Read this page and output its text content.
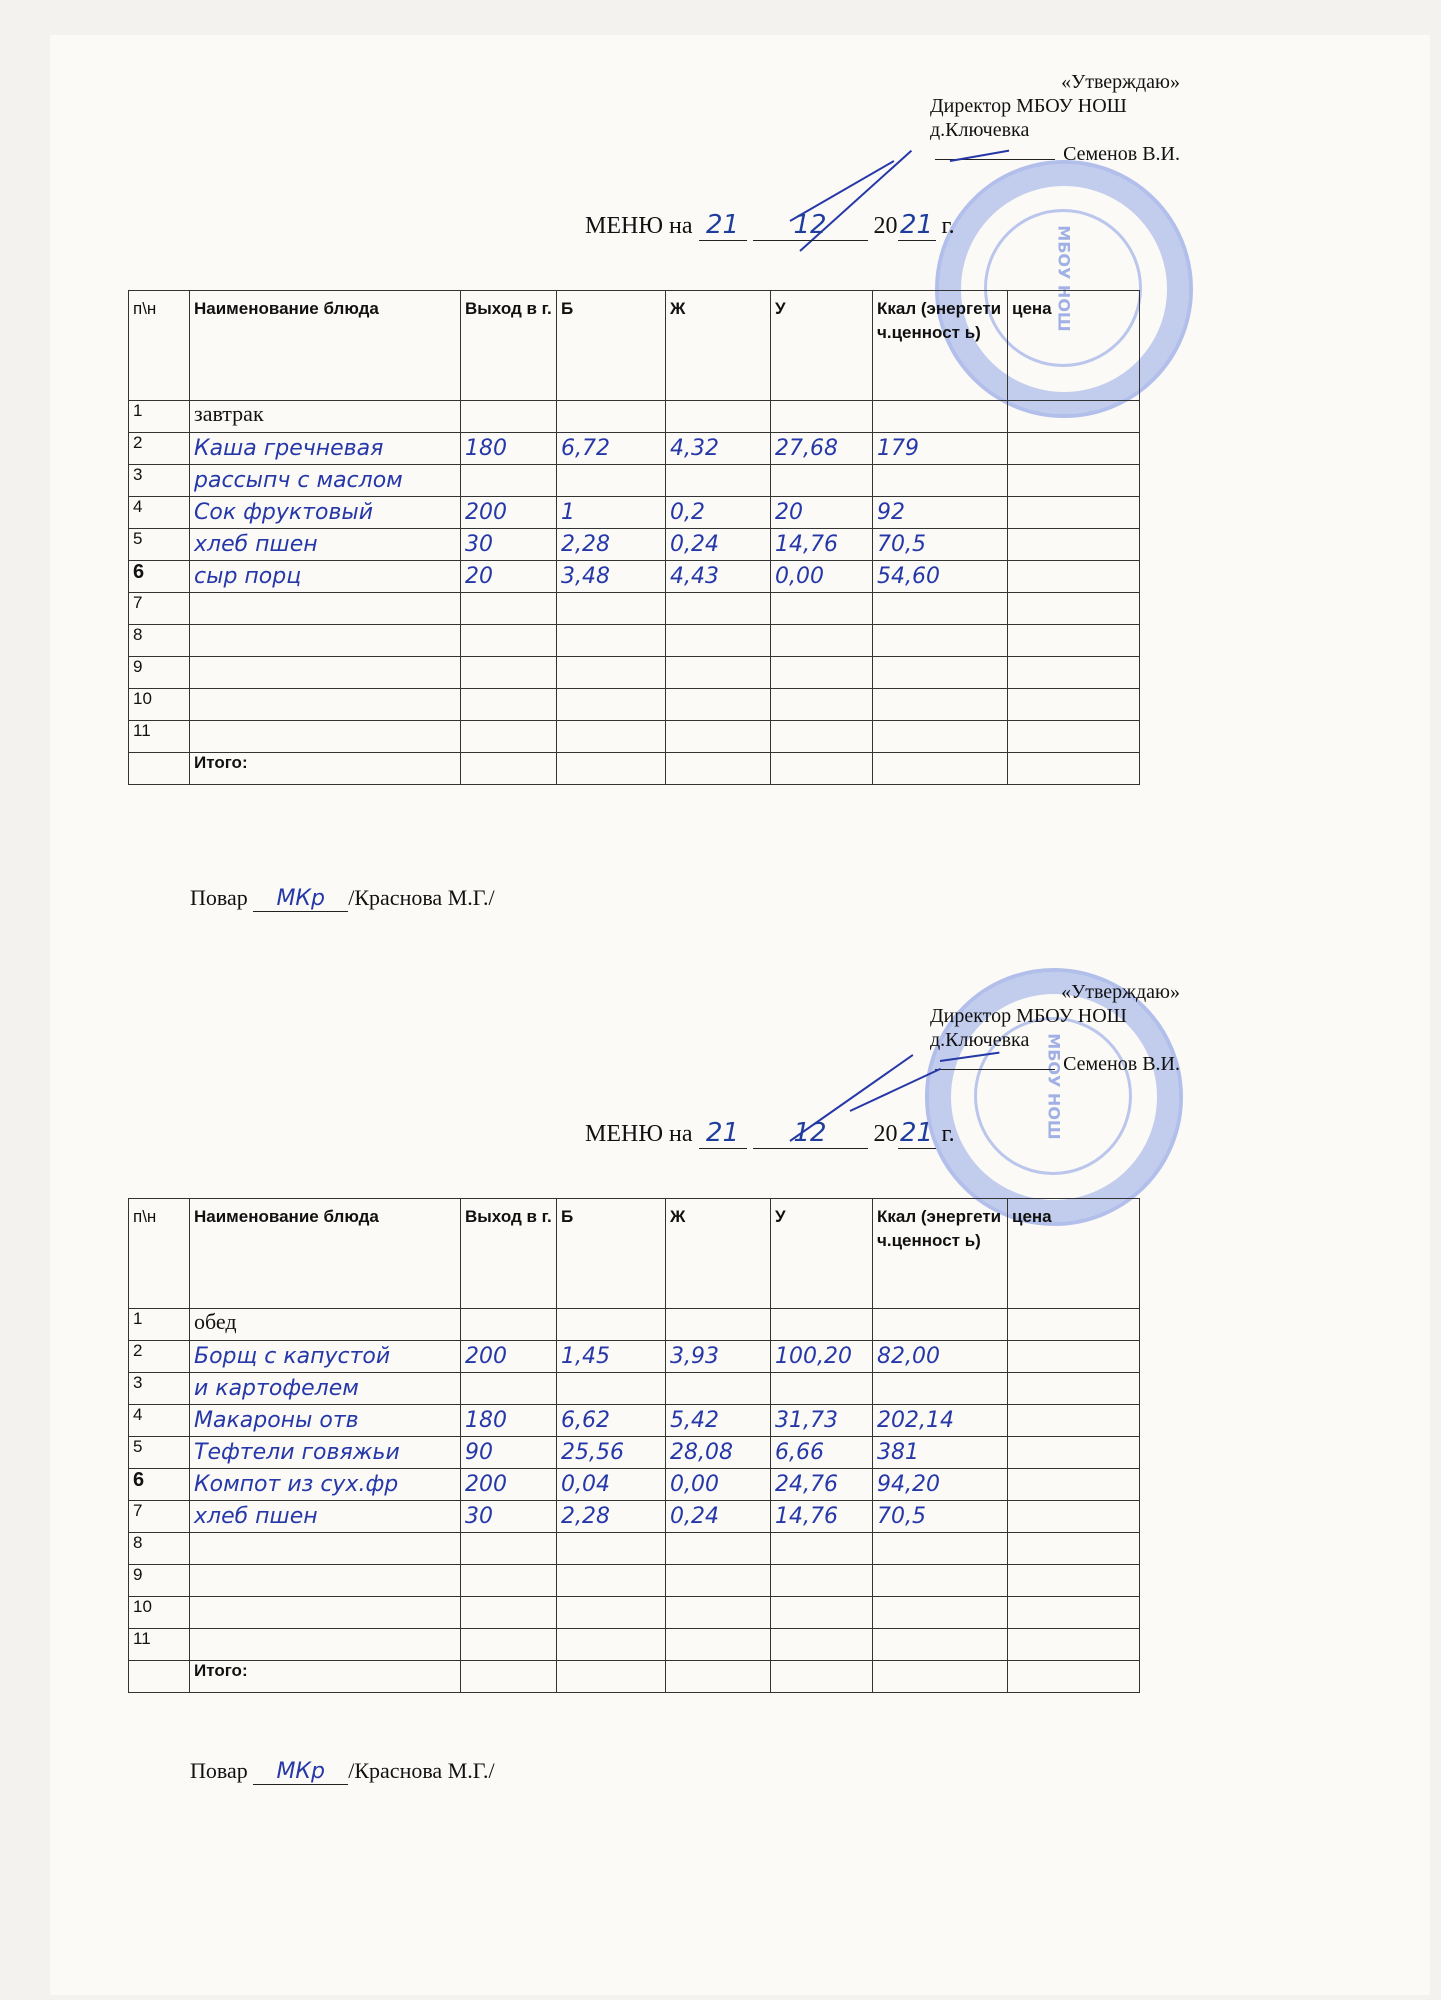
МБОУ НОШ
«Утверждаю»
Директор МБОУ НОШ
д.Ключевка
Семенов В.И.
МЕНЮ на 21 12 2021 г.
п\н	Наименование блюда	Выход в г.	Б	Ж	У	Ккал (энергети ч.ценност ь)	цена
1	завтрак						
2	Каша гречневая	180	6,72	4,32	27,68	179	
3	рассыпч с маслом						
4	Сок фруктовый	200	1	0,2	20	92	
5	хлеб пшен	30	2,28	0,24	14,76	70,5	
6	сыр порц	20	3,48	4,43	0,00	54,60	
7							
8							
9							
10							
11							
	Итого:						
Повар МКр /Краснова М.Г./
МБОУ НОШ
«Утверждаю»
Директор МБОУ НОШ
д.Ключевка
Семенов В.И.
МЕНЮ на 21 12 2021 г.
п\н	Наименование блюда	Выход в г.	Б	Ж	У	Ккал (энергети ч.ценност ь)	цена
1	обед						
2	Борщ с капустой	200	1,45	3,93	100,20	82,00	
3	и картофелем						
4	Макароны отв	180	6,62	5,42	31,73	202,14	
5	Тефтели говяжьи	90	25,56	28,08	6,66	381	
6	Компот из сух.фр	200	0,04	0,00	24,76	94,20	
7	хлеб пшен	30	2,28	0,24	14,76	70,5	
8							
9							
10							
11							
	Итого:						
Повар МКр /Краснова М.Г./
